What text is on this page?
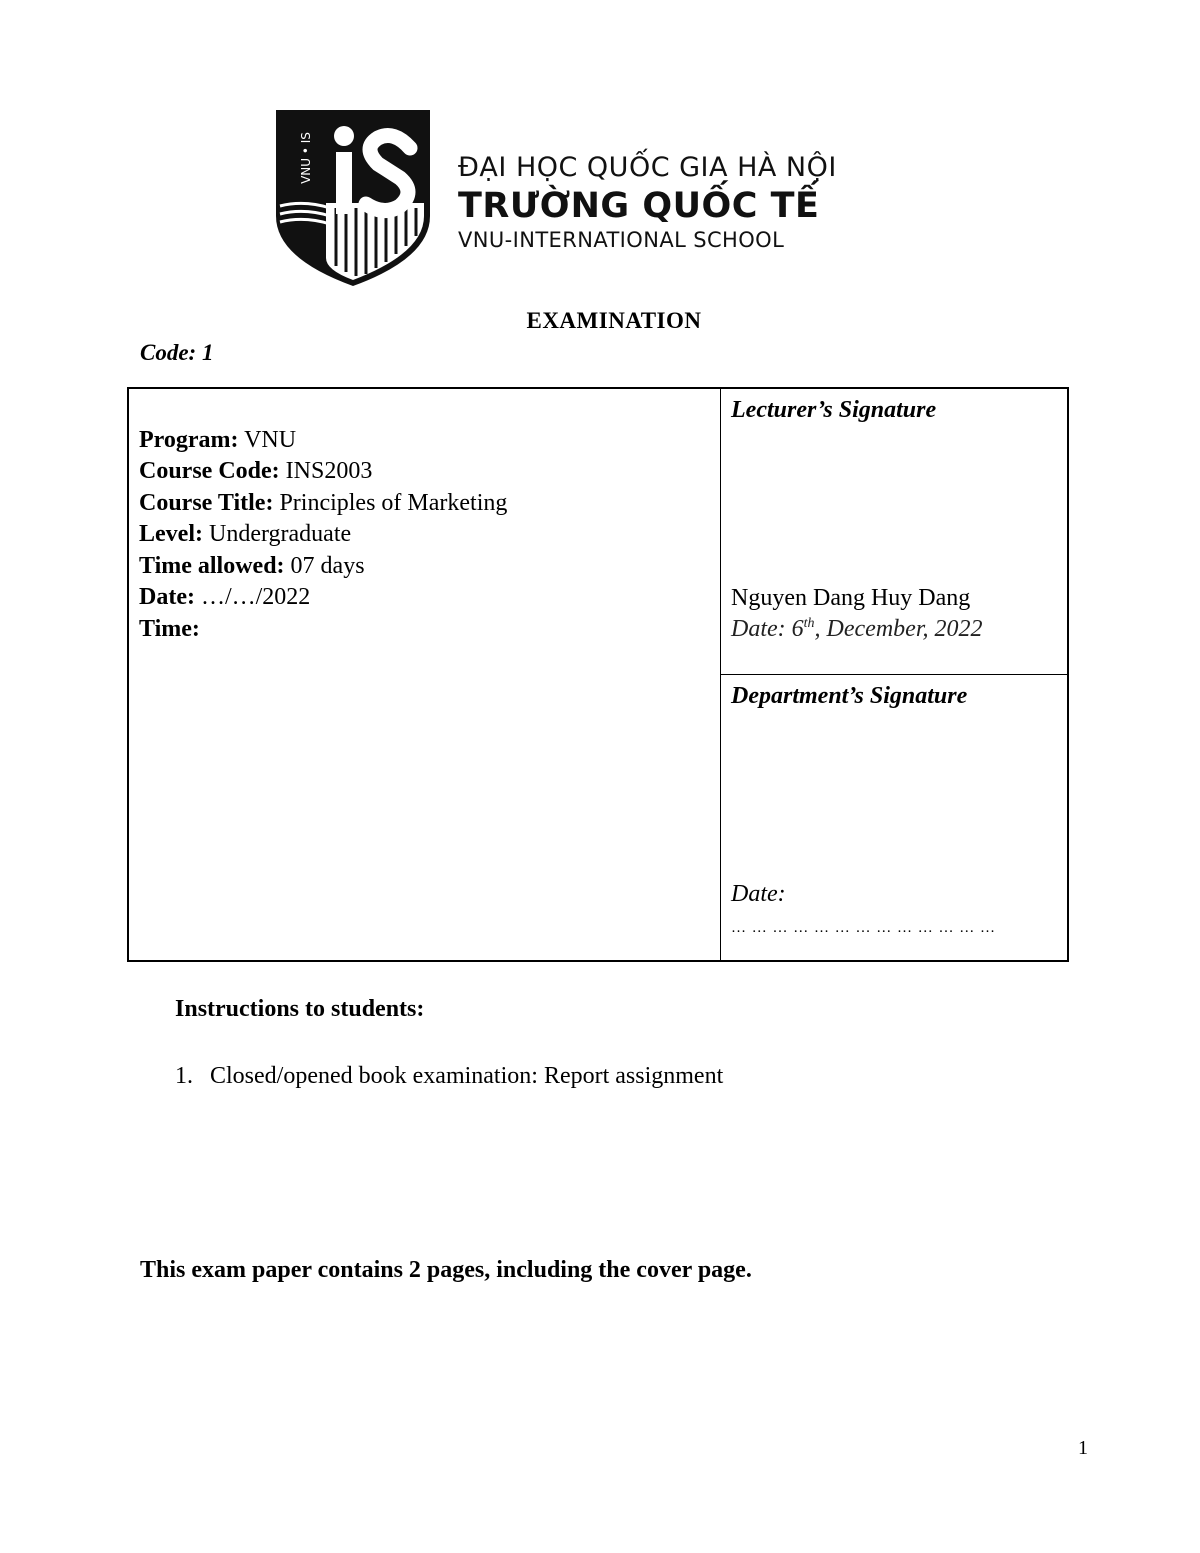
VNU • IS	ĐẠI HỌC QUỐC GIA HÀ NỘI
TRƯỜNG QUỐC TẾ
VNU-INTERNATIONAL SCHOOL
EXAMINATION
Code: 1
Program: VNU
Course Code: INS2003
Course Title: Principles of Marketing
Level: Undergraduate
Time allowed: 07 days
Date: …/…/2022
Time:
Lecturer’s Signature
Nguyen Dang Huy Dang
Date: 6th, December, 2022
Department’s Signature
Date:
… … … … … … … … … … … … …
Instructions to students:
1. Closed/opened book examination: Report assignment
This exam paper contains 2 pages, including the cover page.
1
